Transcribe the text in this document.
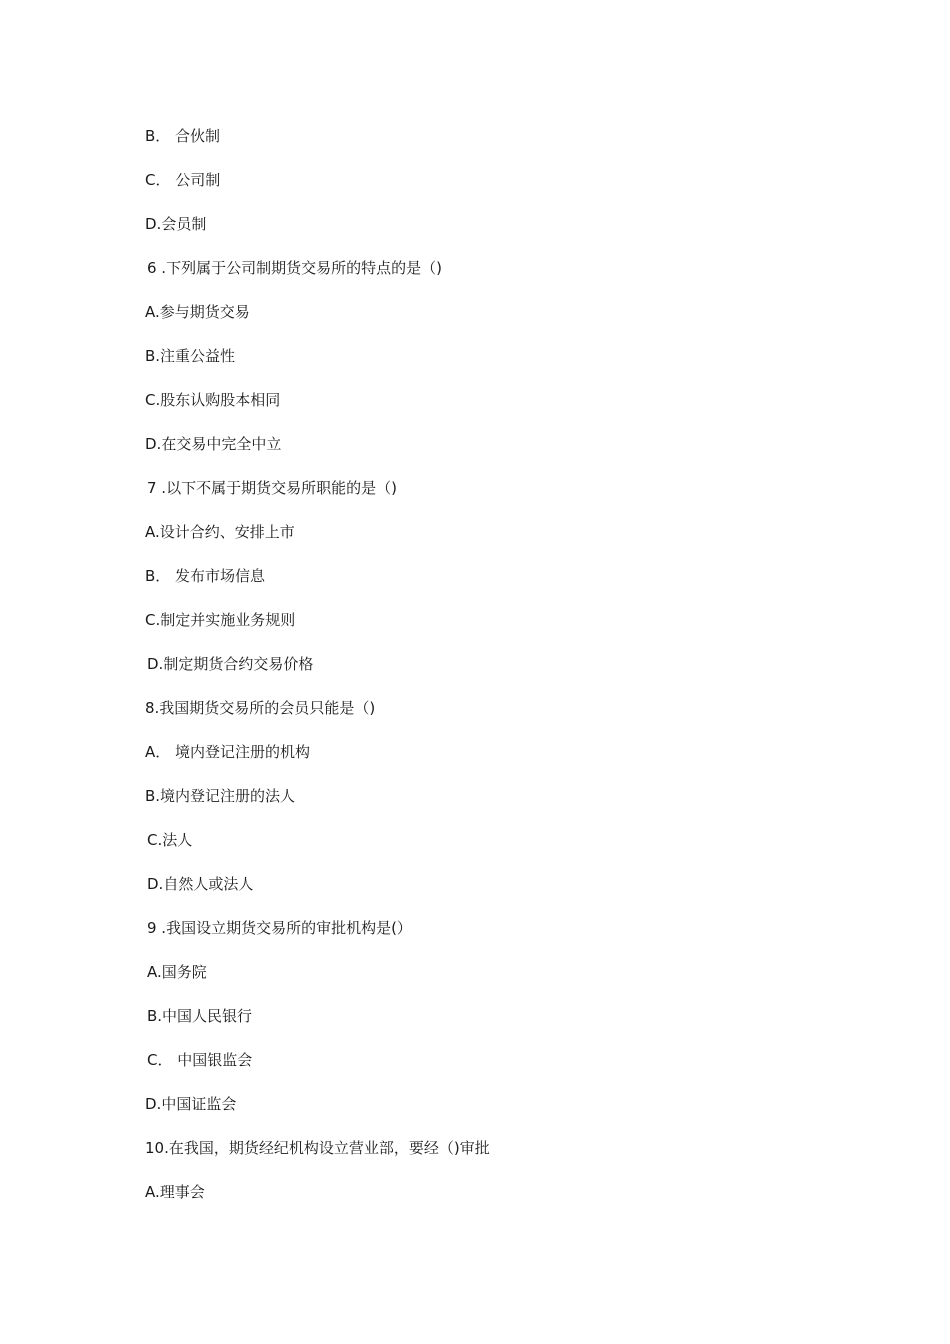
B． 合伙制
C． 公司制
D.会员制
6 .下列属于公司制期货交易所的特点的是（)
A.参与期货交易
B.注重公益性
C.股东认购股本相同
D.在交易中完全中立
7 .以下不属于期货交易所职能的是（)
A.设计合约、安排上市
B． 发布市场信息
C.制定并实施业务规则
D.制定期货合约交易价格
8.我国期货交易所的会员只能是（)
A． 境内登记注册的机构
B.境内登记注册的法人
C.法人
D.自然人或法人
9 .我国设立期货交易所的审批机构是(）
A.国务院
B.中国人民银行
C． 中国银监会
D.中国证监会
10.在我国，期货经纪机构设立营业部，要经（)审批
A.理事会
